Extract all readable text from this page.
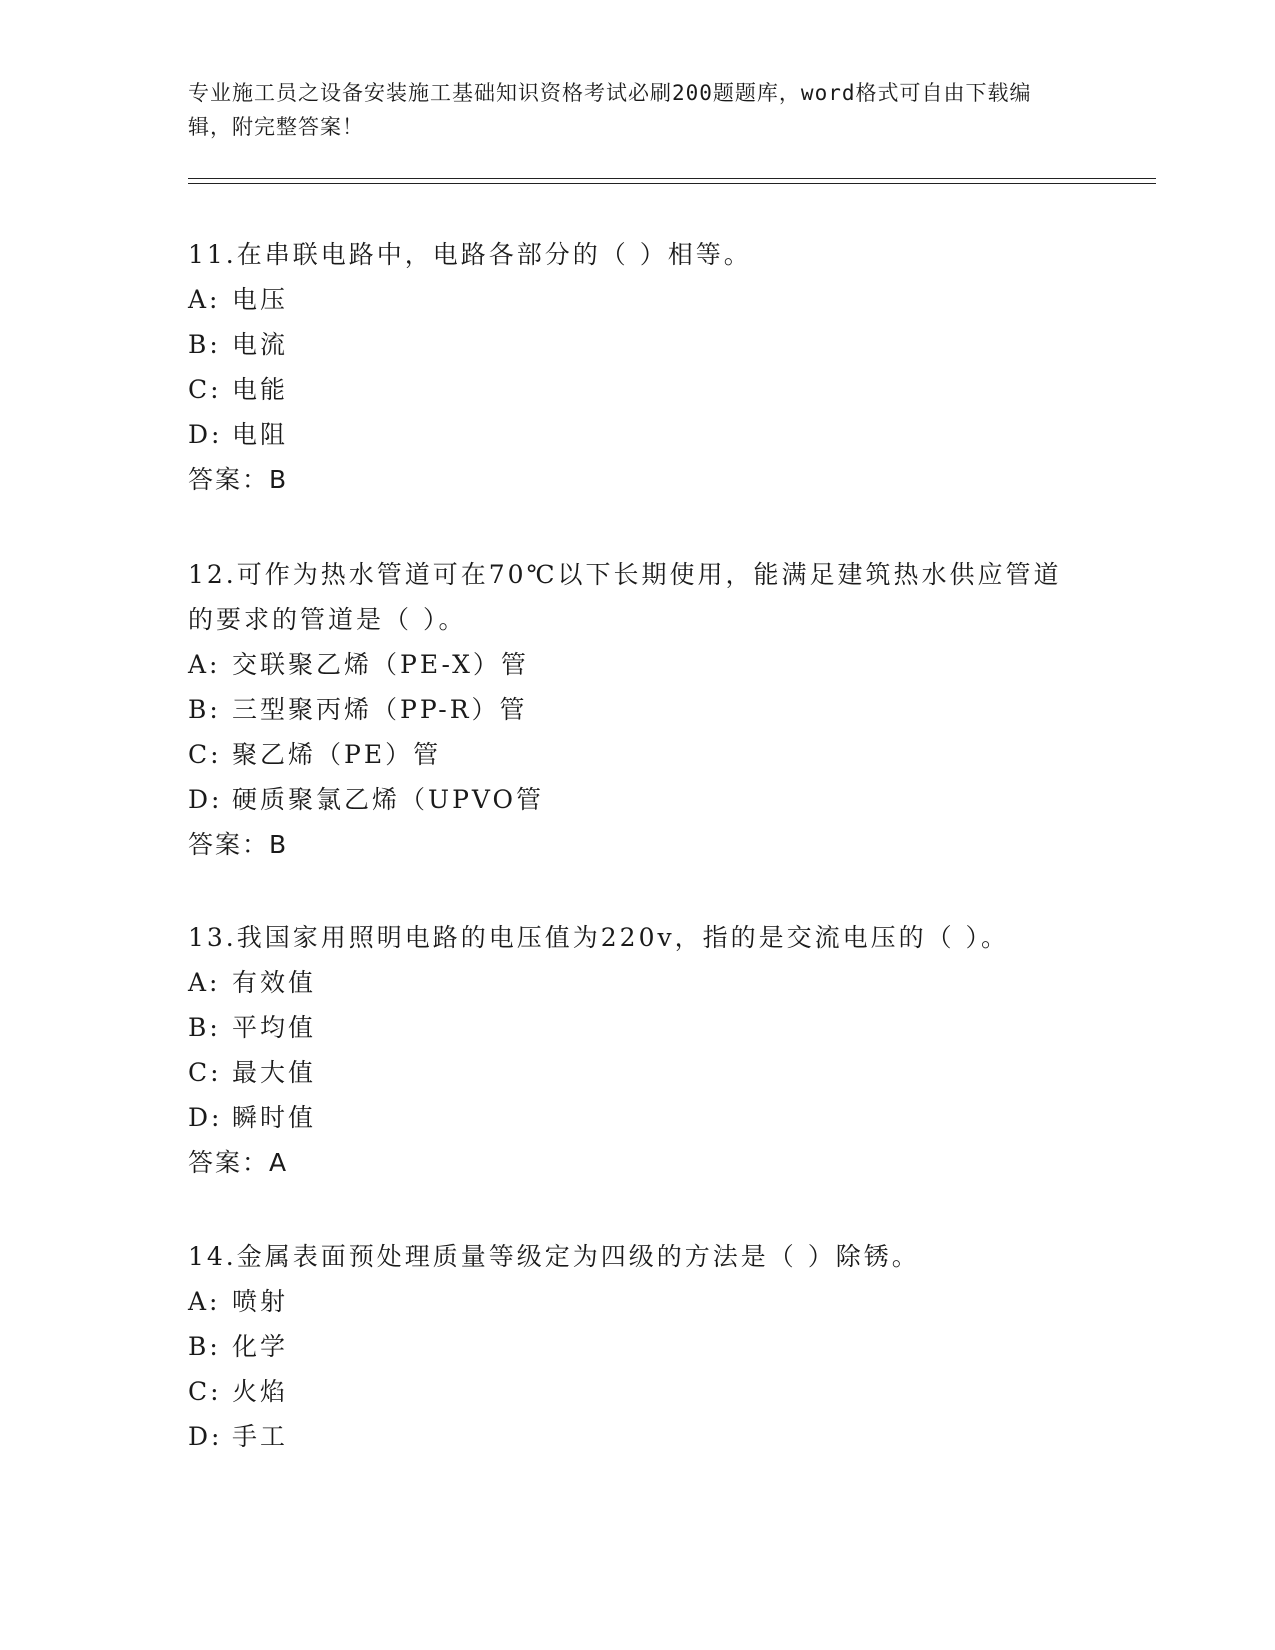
专业施工员之设备安装施工基础知识资格考试必刷200题题库，word格式可自由下载编辑，附完整答案！

11.在串联电路中，电路各部分的（ ）相等。

A: 电压
B: 电流
C: 电能
D: 电阻
答案：B

12.可作为热水管道可在70℃以下长期使用，能满足建筑热水供应管道的要求的管道是（ ）。

A: 交联聚乙烯（PE-X）管
B: 三型聚丙烯（PP-R）管
C: 聚乙烯（PE）管
D: 硬质聚氯乙烯（UPVO管
答案：B

13.我国家用照明电路的电压值为220v，指的是交流电压的（ ）。

A: 有效值
B: 平均值
C: 最大值
D: 瞬时值
答案：A

14.金属表面预处理质量等级定为四级的方法是（ ）除锈。

A: 喷射
B: 化学
C: 火焰
D: 手工
